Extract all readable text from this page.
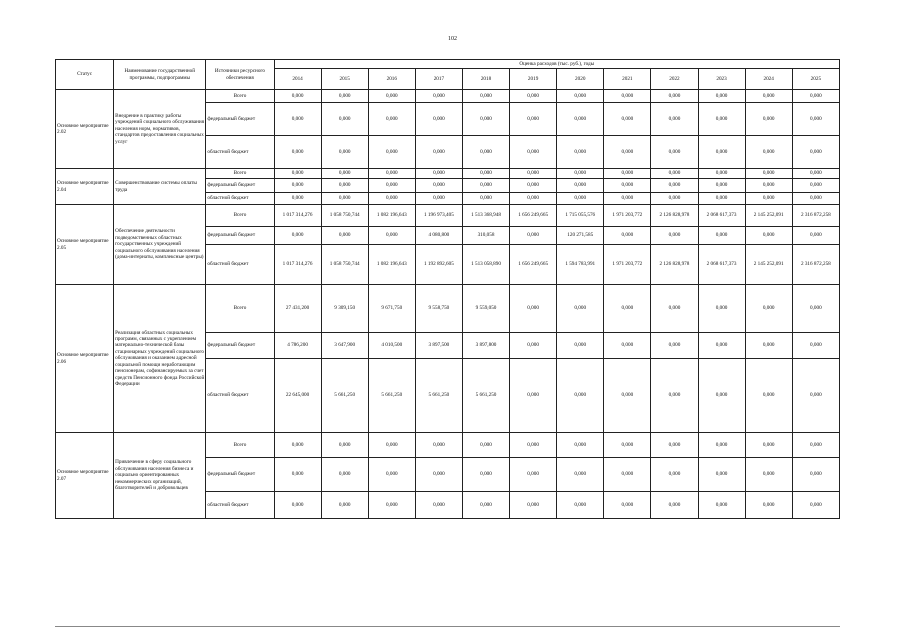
102
Статус	Наименование государственной программы, подпрограммы	Источники ресурсного обеспечения	Оценка расходов (тыс. руб.), годы											
			2014	2015	2016	2017	2018	2019	2020	2021	2022	2023	2024	2025
Основное мероприятие 2.02	Внедрение в практику работы учреждений социального обслуживания населения норм, нормативов, стандартов предоставления социальных услуг	Всего	0,000	0,000	0,000	0,000	0,000	0,000	0,000	0,000	0,000	0,000	0,000	0,000
		федеральный бюджет	0,000	0,000	0,000	0,000	0,000	0,000	0,000	0,000	0,000	0,000	0,000	0,000
		областной бюджет	0,000	0,000	0,000	0,000	0,000	0,000	0,000	0,000	0,000	0,000	0,000	0,000
Основное мероприятие 2.04	Совершенствование системы оплаты труда	Всего	0,000	0,000	0,000	0,000	0,000	0,000	0,000	0,000	0,000	0,000	0,000	0,000
		федеральный бюджет	0,000	0,000	0,000	0,000	0,000	0,000	0,000	0,000	0,000	0,000	0,000	0,000
		областной бюджет	0,000	0,000	0,000	0,000	0,000	0,000	0,000	0,000	0,000	0,000	0,000	0,000
Основное мероприятие 2.05	Обеспечение деятельности подведомственных областных государственных учреждений социального обслуживания населения (дома-интернаты, комплексные центры)	Всего	1 017 314,276	1 058 750,744	1 082 196,643	1 196 973,405	1 513 368,948	1 656 249,665	1 715 055,576	1 971 203,772	2 126 828,978	2 068 617,373	2 145 252,091	2 316 872,258
		федеральный бюджет	0,000	0,000	0,000	4 080,800	310,058	0,000	120 271,585	0,000	0,000	0,000	0,000	0,000
		областной бюджет	1 017 314,276	1 058 750,744	1 082 196,643	1 192 892,605	1 513 058,890	1 656 249,665	1 594 783,991	1 971 203,772	2 126 828,978	2 068 617,373	2 145 252,091	2 316 872,258
Основное мероприятие 2.06	Реализация областных социальных программ, связанных с укреплением материально-технической базы стационарных учреждений социального обслуживания и оказанием адресной социальной помощи неработающим пенсионерам, софинансируемых за счет средств Пенсионного фонда Российской Федерации	Всего	27 431,200	9 309,150	9 671,750	9 558,750	9 559,050	0,000	0,000	0,000	0,000	0,000	0,000	0,000
		федеральный бюджет	4 786,200	3 647,900	4 010,500	3 897,500	3 897,800	0,000	0,000	0,000	0,000	0,000	0,000	0,000
		областной бюджет	22 645,000	5 661,250	5 661,250	5 661,250	5 661,250	0,000	0,000	0,000	0,000	0,000	0,000	0,000
Основное мероприятие 2.07	Привлечение в сферу социального обслуживания населения бизнеса и социально ориентированных некоммерческих организаций, благотворителей и добровольцев	Всего	0,000	0,000	0,000	0,000	0,000	0,000	0,000	0,000	0,000	0,000	0,000	0,000
		федеральный бюджет	0,000	0,000	0,000	0,000	0,000	0,000	0,000	0,000	0,000	0,000	0,000	0,000
		областной бюджет	0,000	0,000	0,000	0,000	0,000	0,000	0,000	0,000	0,000	0,000	0,000	0,000
